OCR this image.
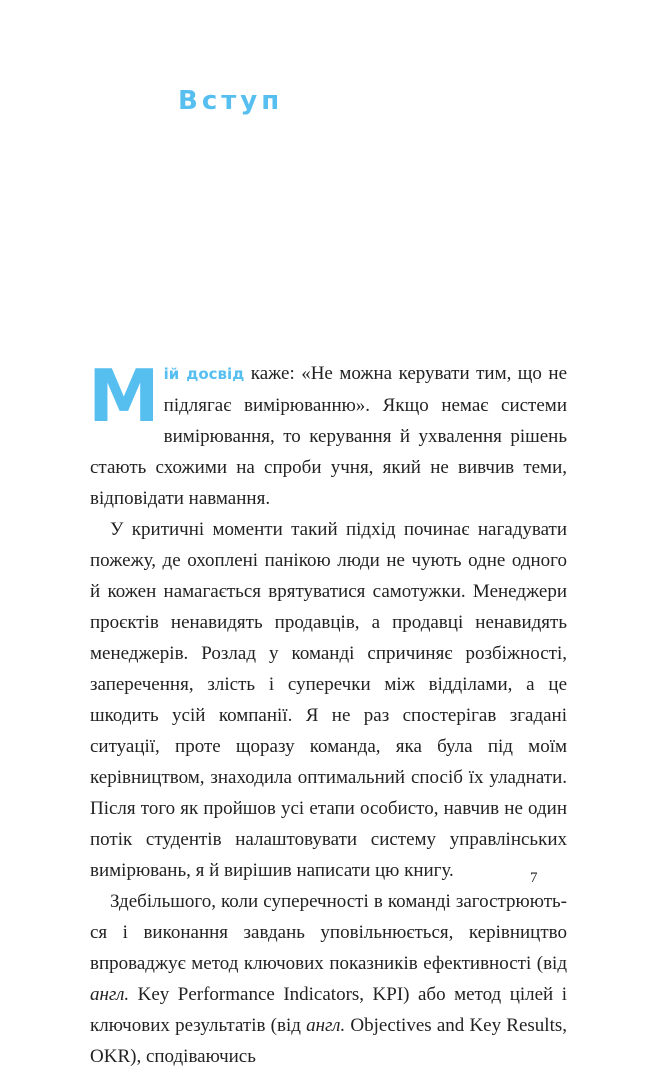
Вступ

Мій досвід каже: «Не можна керувати тим, що не підлягає вимірюванню». Якщо немає системи вимірювання, то керування й ухвалення рішень стають схожими на спроби учня, який не вивчив теми, відповідати навмання.

У критичні моменти такий підхід починає нагадувати пожежу, де охоплені панікою люди не чують одне одного й кожен намагається врятуватися самотужки. Менеджери проєктів ненавидять продавців, а продавці ненавидять менеджерів. Розлад у команді спричиняє розбіжності, заперечення, злість і суперечки між відділами, а це шкодить усій компанії. Я не раз спостерігав згадані ситуації, проте щоразу команда, яка була під моїм керівництвом, знаходила оптимальний спосіб їх уладнати. Після того як пройшов усі етапи особисто, навчив не один потік студентів налаштовувати систему управлінських вимірювань, я й вирішив написати цю книгу.

Здебільшого, коли суперечності в команді загострюються і виконання завдань уповільнюється, керівництво впроваджує метод ключових показників ефективності (від англ. Key Performance Indicators, KPI) або метод цілей і ключових результатів (від англ. Objectives and Key Results, OKR), сподіваючись

7
